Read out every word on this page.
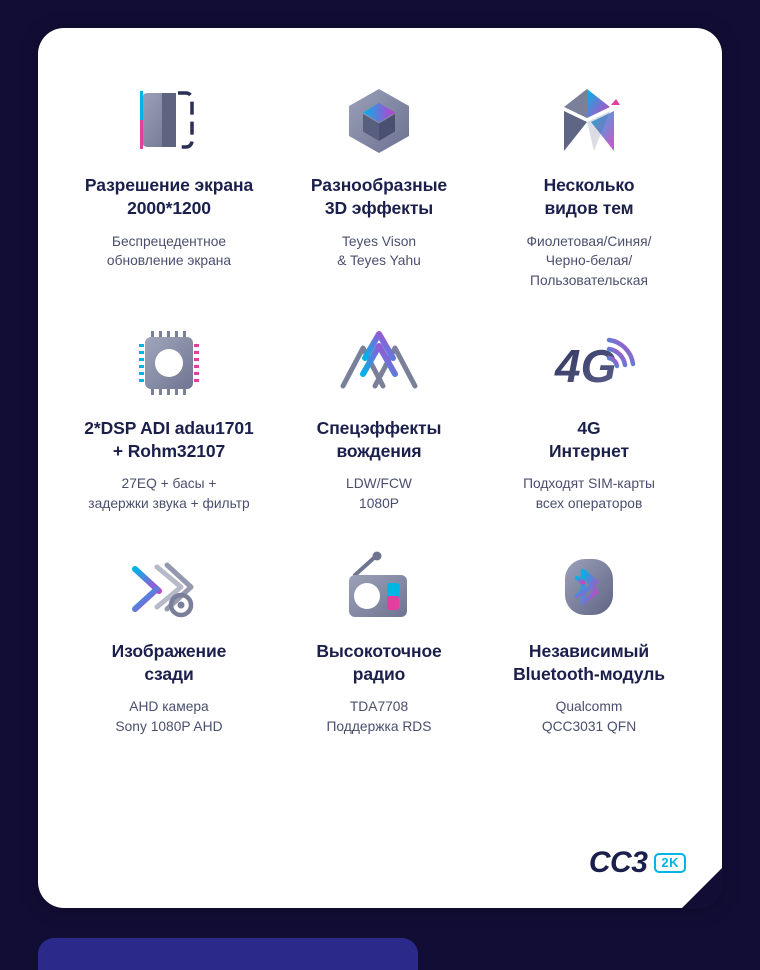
Разрешение экрана
2000*1200
Беспрецедентное
обновление экрана
Разнообразные
3D эффекты
Teyes Vison
& Teyes Yahu
Несколько
видов тем
Фиолетовая/Синяя/
Черно-белая/
Пользовательская
2*DSP ADI adau1701
+ Rohm32107
27EQ + басы +
задержки звука + фильтр
Спецэффекты
вождения
LDW/FCW
1080P
4G
4G
Интернет
Подходят SIM-карты
всех операторов
Изображение
сзади
AHD камера
Sony 1080P AHD
Высокоточное
радио
TDA7708
Поддержка RDS
Независимый
Bluetooth-модуль
Qualcomm
QCC3031 QFN
CC3	2K
